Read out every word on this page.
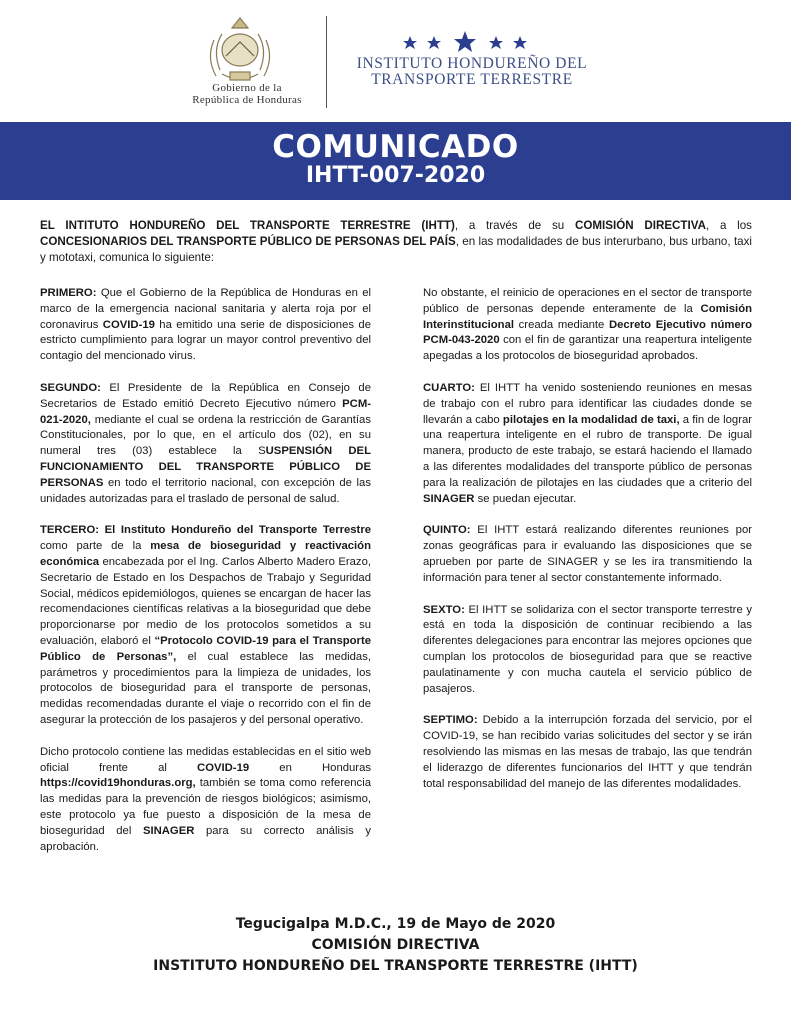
Gobierno de la
República de Honduras
INSTITUTO HONDUREÑO DEL
TRANSPORTE TERRESTRE
COMUNICADO
IHTT-007-2020
EL INTITUTO HONDUREÑO DEL TRANSPORTE TERRESTRE (IHTT), a través de su COMISIÓN DIRECTIVA, a los CONCESIONARIOS DEL TRANSPORTE PÚBLICO DE PERSONAS DEL PAÍS, en las modalidades de bus interurbano, bus urbano, taxi y mototaxi, comunica lo siguiente:

PRIMERO: Que el Gobierno de la República de Honduras en el marco de la emergencia nacional sanitaria y alerta roja por el coronavirus COVID-19 ha emitido una serie de disposiciones de estricto cumplimiento para lograr un mayor control preventivo del contagio del mencionado virus.

SEGUNDO: El Presidente de la República en Consejo de Secretarios de Estado emitió Decreto Ejecutivo número PCM-021-2020, mediante el cual se ordena la restricción de Garantías Constitucionales, por lo que, en el artículo dos (02), en su numeral tres (03) establece la SUSPENSIÓN DEL FUNCIONAMIENTO DEL TRANSPORTE PÚBLICO DE PERSONAS en todo el territorio nacional, con excepción de las unidades autorizadas para el traslado de personal de salud.

TERCERO: El Instituto Hondureño del Transporte Terrestre como parte de la mesa de bioseguridad y reactivación económica encabezada por el Ing. Carlos Alberto Madero Erazo, Secretario de Estado en los Despachos de Trabajo y Seguridad Social, médicos epidemiólogos, quienes se encargan de hacer las recomendaciones científicas relativas a la bioseguridad que debe proporcionarse por medio de los protocolos sometidos a su evaluación, elaboró el “Protocolo COVID-19 para el Transporte Público de Personas”, el cual establece las medidas, parámetros y procedimientos para la limpieza de unidades, los protocolos de bioseguridad para el transporte de personas, medidas recomendadas durante el viaje o recorrido con el fin de asegurar la protección de los pasajeros y del personal operativo.

Dicho protocolo contiene las medidas establecidas en el sitio web oficial frente al COVID-19 en Honduras https://covid19honduras.org, también se toma como referencia las medidas para la prevención de riesgos biológicos; asimismo, este protocolo ya fue puesto a disposición de la mesa de bioseguridad del SINAGER para su correcto análisis y aprobación.

No obstante, el reinicio de operaciones en el sector de transporte público de personas depende enteramente de la Comisión Interinstitucional creada mediante Decreto Ejecutivo número PCM-043-2020 con el fin de garantizar una reapertura inteligente apegadas a los protocolos de bioseguridad aprobados.

CUARTO: El IHTT ha venido sosteniendo reuniones en mesas de trabajo con el rubro para identificar las ciudades donde se llevarán a cabo pilotajes en la modalidad de taxi, a fin de lograr una reapertura inteligente en el rubro de transporte. De igual manera, producto de este trabajo, se estará haciendo el llamado a las diferentes modalidades del transporte público de personas para la realización de pilotajes en las ciudades que a criterio del SINAGER se puedan ejecutar.

QUINTO: El IHTT estará realizando diferentes reuniones por zonas geográficas para ir evaluando las disposiciones que se aprueben por parte de SINAGER y se les ira transmitiendo la información para tener al sector constantemente informado.

SEXTO: El IHTT se solidariza con el sector transporte terrestre y está en toda la disposición de continuar recibiendo a las diferentes delegaciones para encontrar las mejores opciones que cumplan los protocolos de bioseguridad para que se reactive paulatinamente y con mucha cautela el servicio público de pasajeros.

SEPTIMO: Debido a la interrupción forzada del servicio, por el COVID-19, se han recibido varias solicitudes del sector y se irán resolviendo las mismas en las mesas de trabajo, las que tendrán el liderazgo de diferentes funcionarios del IHTT y que tendrán total responsabilidad del manejo de las diferentes modalidades.

Tegucigalpa M.D.C., 19 de Mayo de 2020
COMISIÓN DIRECTIVA
INSTITUTO HONDUREÑO DEL TRANSPORTE TERRESTRE (IHTT)
